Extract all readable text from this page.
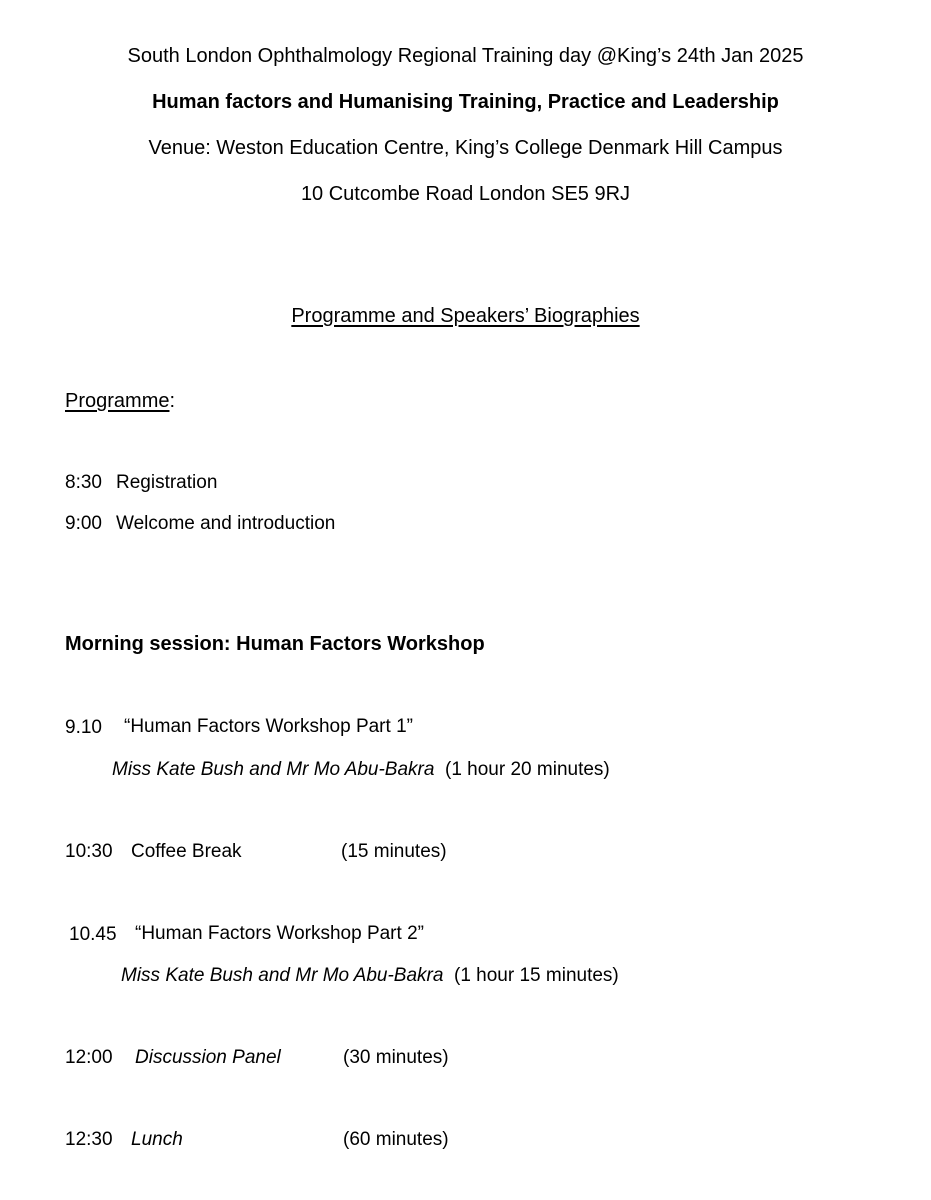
South London Ophthalmology Regional Training day @King’s 24th Jan 2025
Human factors and Humanising Training, Practice and Leadership
Venue: Weston Education Centre, King’s College Denmark Hill Campus
10 Cutcombe Road London SE5 9RJ
Programme and Speakers’ Biographies
Programme:
8:30 Registration
9:00 Welcome and introduction
Morning session: Human Factors Workshop
9.10 “Human Factors Workshop Part 1”
Miss Kate Bush and Mr Mo Abu-Bakra (1 hour 20 minutes)
10:30 Coffee Break	(15 minutes)
10.45 “Human Factors Workshop Part 2”
Miss Kate Bush and Mr Mo Abu-Bakra (1 hour 15 minutes)
12:00 Discussion Panel	(30 minutes)
12:30 Lunch	(60 minutes)
